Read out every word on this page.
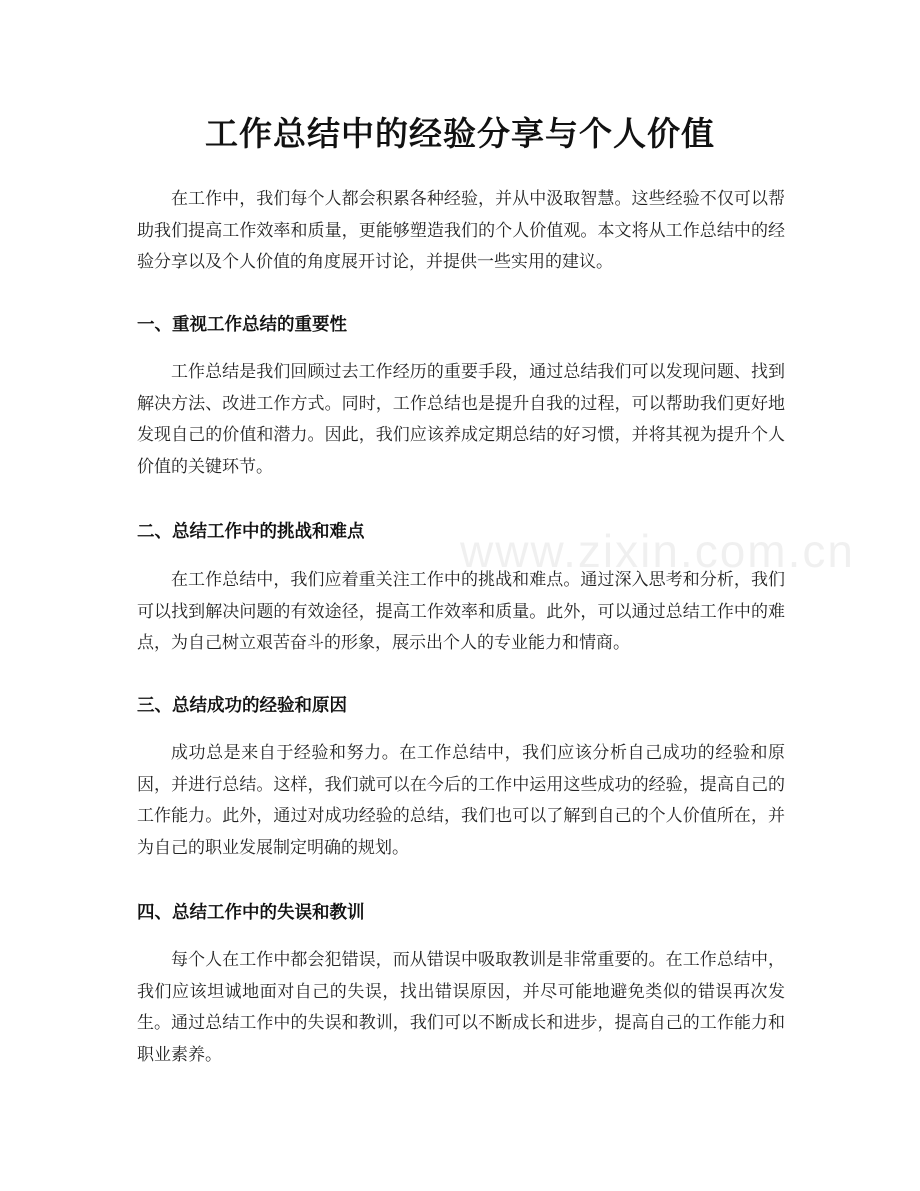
工作总结中的经验分享与个人价值

在工作中，我们每个人都会积累各种经验，并从中汲取智慧。这些经验不仅可以帮助我们提高工作效率和质量，更能够塑造我们的个人价值观。本文将从工作总结中的经验分享以及个人价值的角度展开讨论，并提供一些实用的建议。

一、重视工作总结的重要性

工作总结是我们回顾过去工作经历的重要手段，通过总结我们可以发现问题、找到解决方法、改进工作方式。同时，工作总结也是提升自我的过程，可以帮助我们更好地发现自己的价值和潜力。因此，我们应该养成定期总结的好习惯，并将其视为提升个人价值的关键环节。

二、总结工作中的挑战和难点

在工作总结中，我们应着重关注工作中的挑战和难点。通过深入思考和分析，我们可以找到解决问题的有效途径，提高工作效率和质量。此外，可以通过总结工作中的难点，为自己树立艰苦奋斗的形象，展示出个人的专业能力和情商。

三、总结成功的经验和原因

成功总是来自于经验和努力。在工作总结中，我们应该分析自己成功的经验和原因，并进行总结。这样，我们就可以在今后的工作中运用这些成功的经验，提高自己的工作能力。此外，通过对成功经验的总结，我们也可以了解到自己的个人价值所在，并为自己的职业发展制定明确的规划。

四、总结工作中的失误和教训

每个人在工作中都会犯错误，而从错误中吸取教训是非常重要的。在工作总结中，我们应该坦诚地面对自己的失误，找出错误原因，并尽可能地避免类似的错误再次发生。通过总结工作中的失误和教训，我们可以不断成长和进步，提高自己的工作能力和职业素养。

www.zixin.com.cn
